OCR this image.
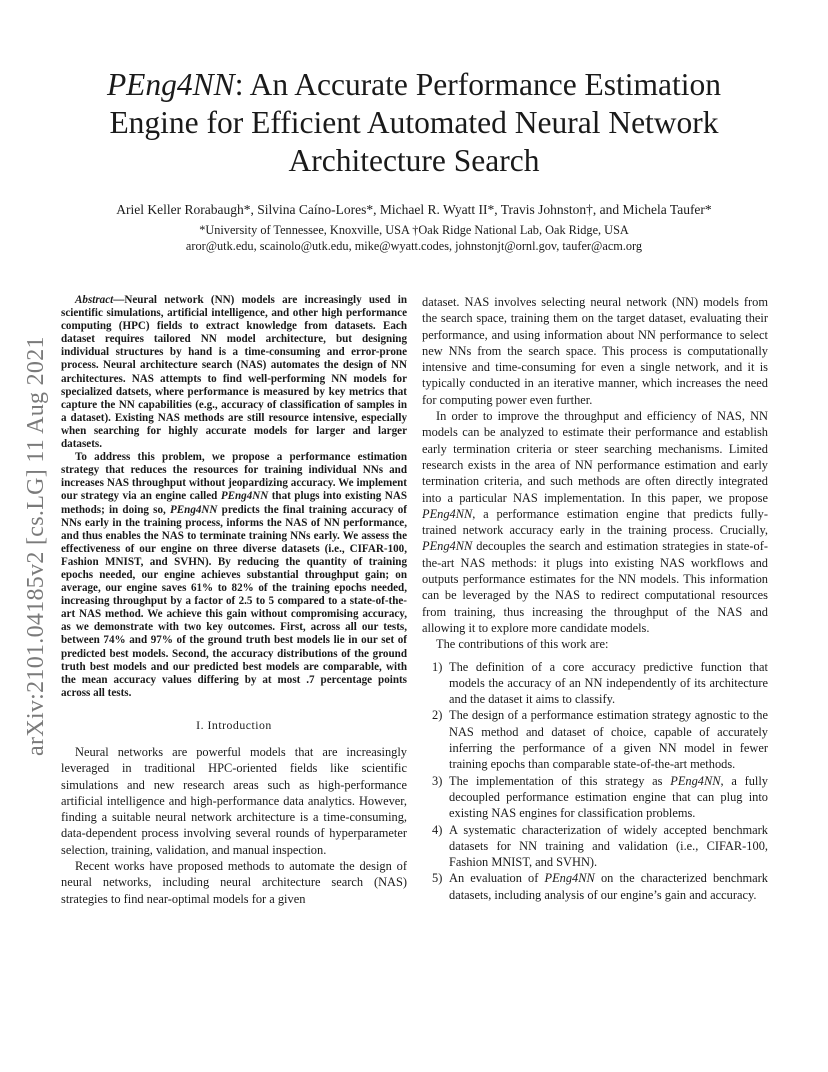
PEng4NN: An Accurate Performance Estimation Engine for Efficient Automated Neural Network Architecture Search
Ariel Keller Rorabaugh*, Silvina Caíno-Lores*, Michael R. Wyatt II*, Travis Johnston†, and Michela Taufer*
*University of Tennessee, Knoxville, USA †Oak Ridge National Lab, Oak Ridge, USA
aror@utk.edu, scainolo@utk.edu, mike@wyatt.codes, johnstonjt@ornl.gov, taufer@acm.org
arXiv:2101.04185v2 [cs.LG] 11 Aug 2021

Abstract—Neural network (NN) models are increasingly used in scientific simulations, artificial intelligence, and other high performance computing (HPC) fields to extract knowledge from datasets. Each dataset requires tailored NN model architecture, but designing individual structures by hand is a time-consuming and error-prone process. Neural architecture search (NAS) automates the design of NN architectures. NAS attempts to find well-performing NN models for specialized datsets, where performance is measured by key metrics that capture the NN capabilities (e.g., accuracy of classification of samples in a dataset). Existing NAS methods are still resource intensive, especially when searching for highly accurate models for larger and larger datasets.

To address this problem, we propose a performance estimation strategy that reduces the resources for training individual NNs and increases NAS throughput without jeopardizing accuracy. We implement our strategy via an engine called PEng4NN that plugs into existing NAS methods; in doing so, PEng4NN predicts the final training accuracy of NNs early in the training process, informs the NAS of NN performance, and thus enables the NAS to terminate training NNs early. We assess the effectiveness of our engine on three diverse datasets (i.e., CIFAR-100, Fashion MNIST, and SVHN). By reducing the quantity of training epochs needed, our engine achieves substantial throughput gain; on average, our engine saves 61% to 82% of the training epochs needed, increasing throughput by a factor of 2.5 to 5 compared to a state-of-the-art NAS method. We achieve this gain without compromising accuracy, as we demonstrate with two key outcomes. First, across all our tests, between 74% and 97% of the ground truth best models lie in our set of predicted best models. Second, the accuracy distributions of the ground truth best models and our predicted best models are comparable, with the mean accuracy values differing by at most .7 percentage points across all tests.

I. Introduction

Neural networks are powerful models that are increasingly leveraged in traditional HPC-oriented fields like scientific simulations and new research areas such as high-performance artificial intelligence and high-performance data analytics. However, finding a suitable neural network architecture is a time-consuming, data-dependent process involving several rounds of hyperparameter selection, training, validation, and manual inspection.

Recent works have proposed methods to automate the design of neural networks, including neural architecture search (NAS) strategies to find near-optimal models for a given

dataset. NAS involves selecting neural network (NN) models from the search space, training them on the target dataset, evaluating their performance, and using information about NN performance to select new NNs from the search space. This process is computationally intensive and time-consuming for even a single network, and it is typically conducted in an iterative manner, which increases the need for computing power even further.

In order to improve the throughput and efficiency of NAS, NN models can be analyzed to estimate their performance and establish early termination criteria or steer searching mechanisms. Limited research exists in the area of NN performance estimation and early termination criteria, and such methods are often directly integrated into a particular NAS implementation. In this paper, we propose PEng4NN, a performance estimation engine that predicts fully-trained network accuracy early in the training process. Crucially, PEng4NN decouples the search and estimation strategies in state-of-the-art NAS methods: it plugs into existing NAS workflows and outputs performance estimates for the NN models. This information can be leveraged by the NAS to redirect computational resources from training, thus increasing the throughput of the NAS and allowing it to explore more candidate models.

The contributions of this work are:

1) The definition of a core accuracy predictive function that models the accuracy of an NN independently of its architecture and the dataset it aims to classify.
2) The design of a performance estimation strategy agnostic to the NAS method and dataset of choice, capable of accurately inferring the performance of a given NN model in fewer training epochs than comparable state-of-the-art methods.
3) The implementation of this strategy as PEng4NN, a fully decoupled performance estimation engine that can plug into existing NAS engines for classification problems.
4) A systematic characterization of widely accepted benchmark datasets for NN training and validation (i.e., CIFAR-100, Fashion MNIST, and SVHN).
5) An evaluation of PEng4NN on the characterized benchmark datasets, including analysis of our engine’s gain and accuracy.
